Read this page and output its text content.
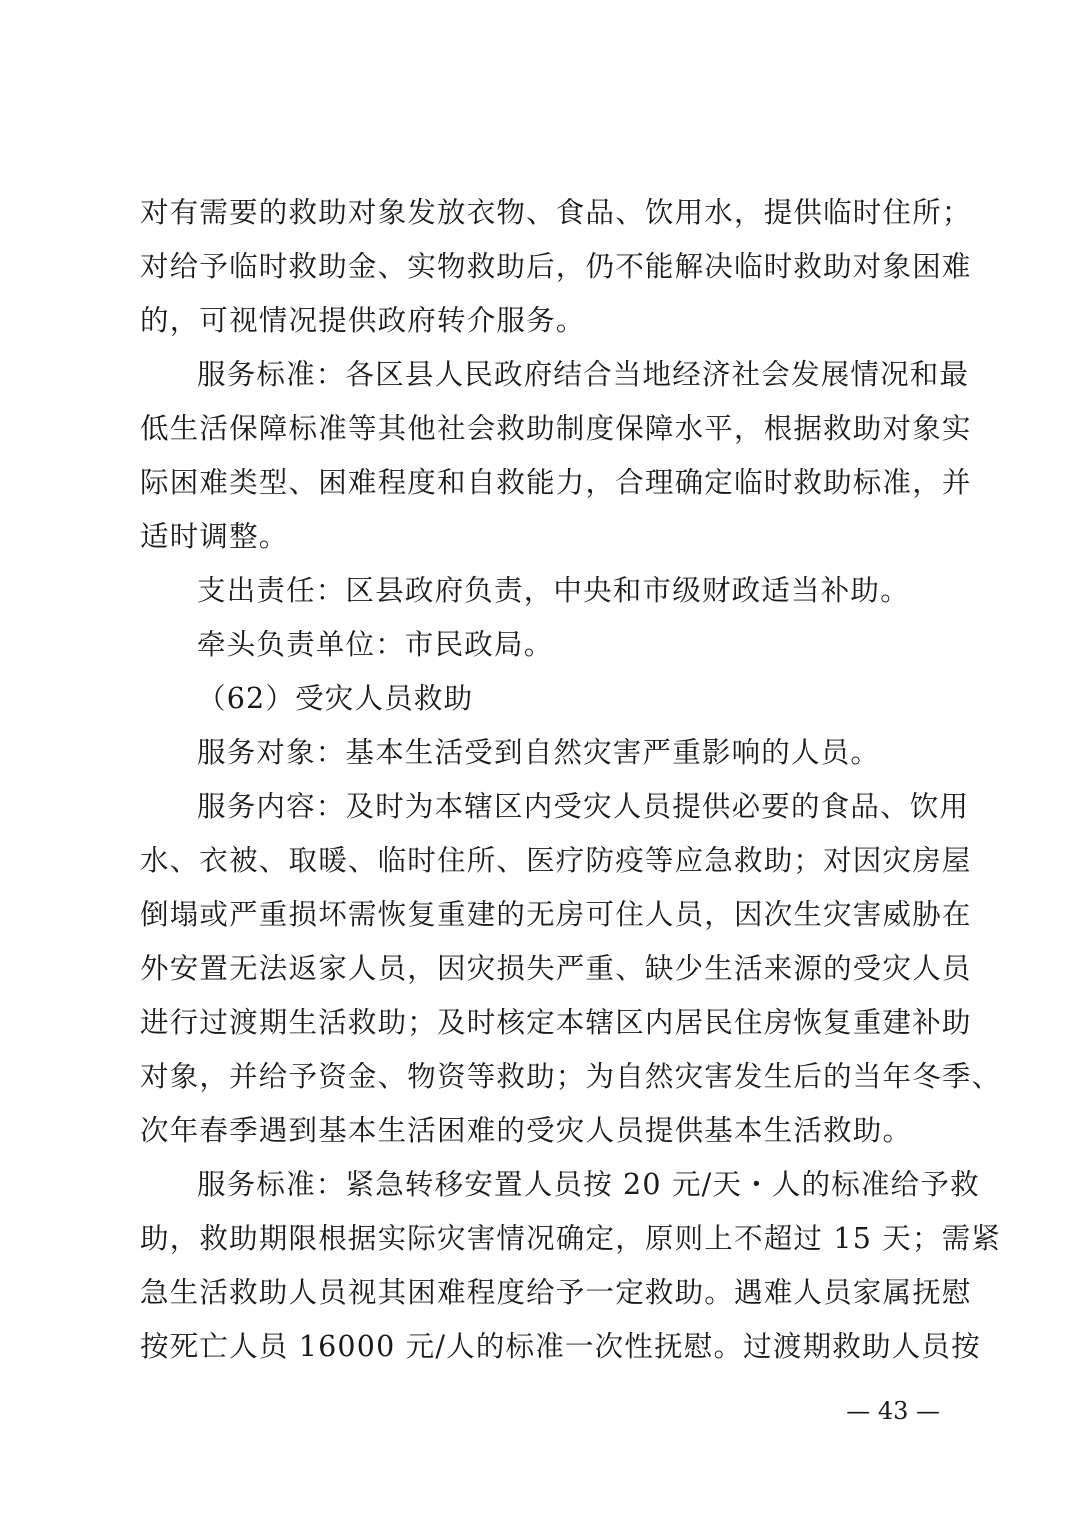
对有需要的救助对象发放衣物、食品、饮用水，提供临时住所；
对给予临时救助金、实物救助后，仍不能解决临时救助对象困难
的，可视情况提供政府转介服务。
服务标准：各区县人民政府结合当地经济社会发展情况和最
低生活保障标准等其他社会救助制度保障水平，根据救助对象实
际困难类型、困难程度和自救能力，合理确定临时救助标准，并
适时调整。
支出责任：区县政府负责，中央和市级财政适当补助。
牵头负责单位：市民政局。
（62）受灾人员救助
服务对象：基本生活受到自然灾害严重影响的人员。
服务内容：及时为本辖区内受灾人员提供必要的食品、饮用
水、衣被、取暖、临时住所、医疗防疫等应急救助；对因灾房屋
倒塌或严重损坏需恢复重建的无房可住人员，因次生灾害威胁在
外安置无法返家人员，因灾损失严重、缺少生活来源的受灾人员
进行过渡期生活救助；及时核定本辖区内居民住房恢复重建补助
对象，并给予资金、物资等救助；为自然灾害发生后的当年冬季、
次年春季遇到基本生活困难的受灾人员提供基本生活救助。
服务标准：紧急转移安置人员按 20 元/天・人的标准给予救
助，救助期限根据实际灾害情况确定，原则上不超过 15 天；需紧
急生活救助人员视其困难程度给予一定救助。遇难人员家属抚慰
按死亡人员 16000 元/人的标准一次性抚慰。过渡期救助人员按
— 43 —
